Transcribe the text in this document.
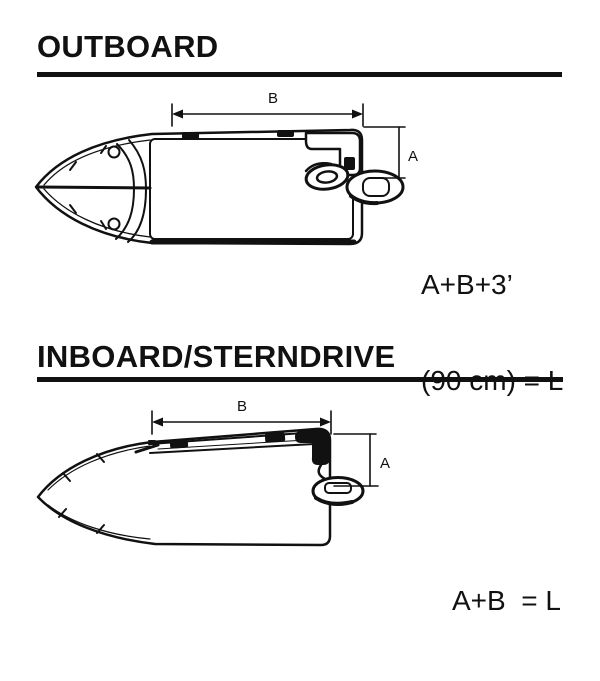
OUTBOARD
INBOARD/STERNDRIVE
B
A
B
A

A+B+3’

(90 cm) = L

A+B  = L
